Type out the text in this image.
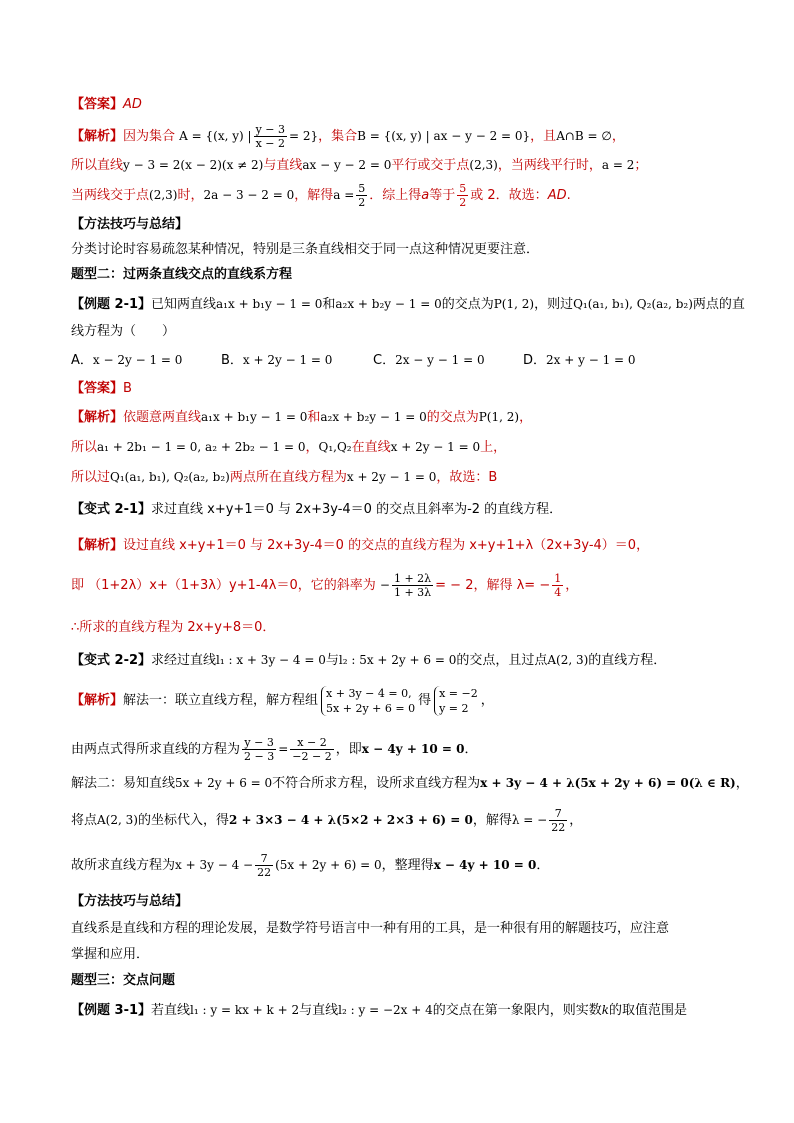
【答案】AD
【解析】因为集合 A = {(x, y) | $\frac{y - 3}{x - 2} = 2$}，集合B = {(x, y) | ax − y − 2 = 0}，且A∩B = ∅，
所以直线y − 3 = 2(x − 2)(x ≠ 2)与直线ax − y − 2 = 0平行或交于点(2,3)，当两线平行时，a = 2；
当两线交于点(2,3)时，2a − 3 − 2 = 0，解得$a = \frac{5}{2}$ ．综上得a等于 $\frac{5}{2}$ 或 2．故选：AD.
【方法技巧与总结】
分类讨论时容易疏忽某种情况，特别是三条直线相交于同一点这种情况更要注意．
题型二：过两条直线交点的直线系方程
【例题 2-1】已知两直线a₁x + b₁y − 1 = 0和a₂x + b₂y − 1 = 0的交点为P(1, 2)，则过Q₁(a₁, b₁), Q₂(a₂, b₂)两点的直
线方程为（　　）
A．x − 2y − 1 = 0	B．x + 2y − 1 = 0	C．2x − y − 1 = 0	D．2x + y − 1 = 0
【答案】B
【解析】依题意两直线a₁x + b₁y − 1 = 0和a₂x + b₂y − 1 = 0的交点为P(1, 2)，
所以a₁ + 2b₁ − 1 = 0, a₂ + 2b₂ − 1 = 0，Q₁,Q₂在直线x + 2y − 1 = 0上，
所以过Q₁(a₁, b₁), Q₂(a₂, b₂)两点所在直线方程为x + 2y − 1 = 0，故选：B
【变式 2-1】求过直线 x+y+1＝0 与 2x+3y-4＝0 的交点且斜率为-2 的直线方程．
【解析】设过直线 x+y+1＝0 与 2x+3y-4＝0 的交点的直线方程为 x+y+1+λ（2x+3y-4）＝0，
即 （1+2λ）x+（1+3λ）y+1-4λ＝0，它的斜率为 − $\frac{1 + 2\lambda}{1 + 3\lambda}$ = − 2，解得 $\lambda= - \frac{1}{4}$ ，
∴所求的直线方程为 2x+y+8＝0．
【变式 2-2】求经过直线l₁ : x + 3y − 4 = 0与l₂ : 5x + 2y + 6 = 0的交点，且过点A(2, 3)的直线方程．
【解析】解法一：联立直线方程，解方程组 x + 3y − 4 = 0,
5x + 2y + 6 = 0 得 x = −2
y = 2 ，
由两点式得所求直线的方程为 $\frac{y - 3}{2 - 3} = \frac{x - 2}{-2 - 2}$ ，即x − 4y + 10 = 0．
解法二：易知直线5x + 2y + 6 = 0不符合所求方程，设所求直线方程为x + 3y − 4 + λ(5x + 2y + 6) = 0(λ ∈ R)，
将点A(2, 3)的坐标代入，得2 + 3×3 − 4 + λ(5×2 + 2×3 + 6) = 0，解得λ = − $\frac{7}{22}$ ，
故所求直线方程为$x + 3y - 4 - \frac{7}{22} (5x + 2y + 6) = 0$，整理得x − 4y + 10 = 0．
【方法技巧与总结】
直线系是直线和方程的理论发展，是数学符号语言中一种有用的工具，是一种很有用的解题技巧，应注意
掌握和应用．
题型三：交点问题
【例题 3-1】若直线l₁ : y = kx + k + 2与直线l₂ : y = −2x + 4的交点在第一象限内，则实数k的取值范围是
